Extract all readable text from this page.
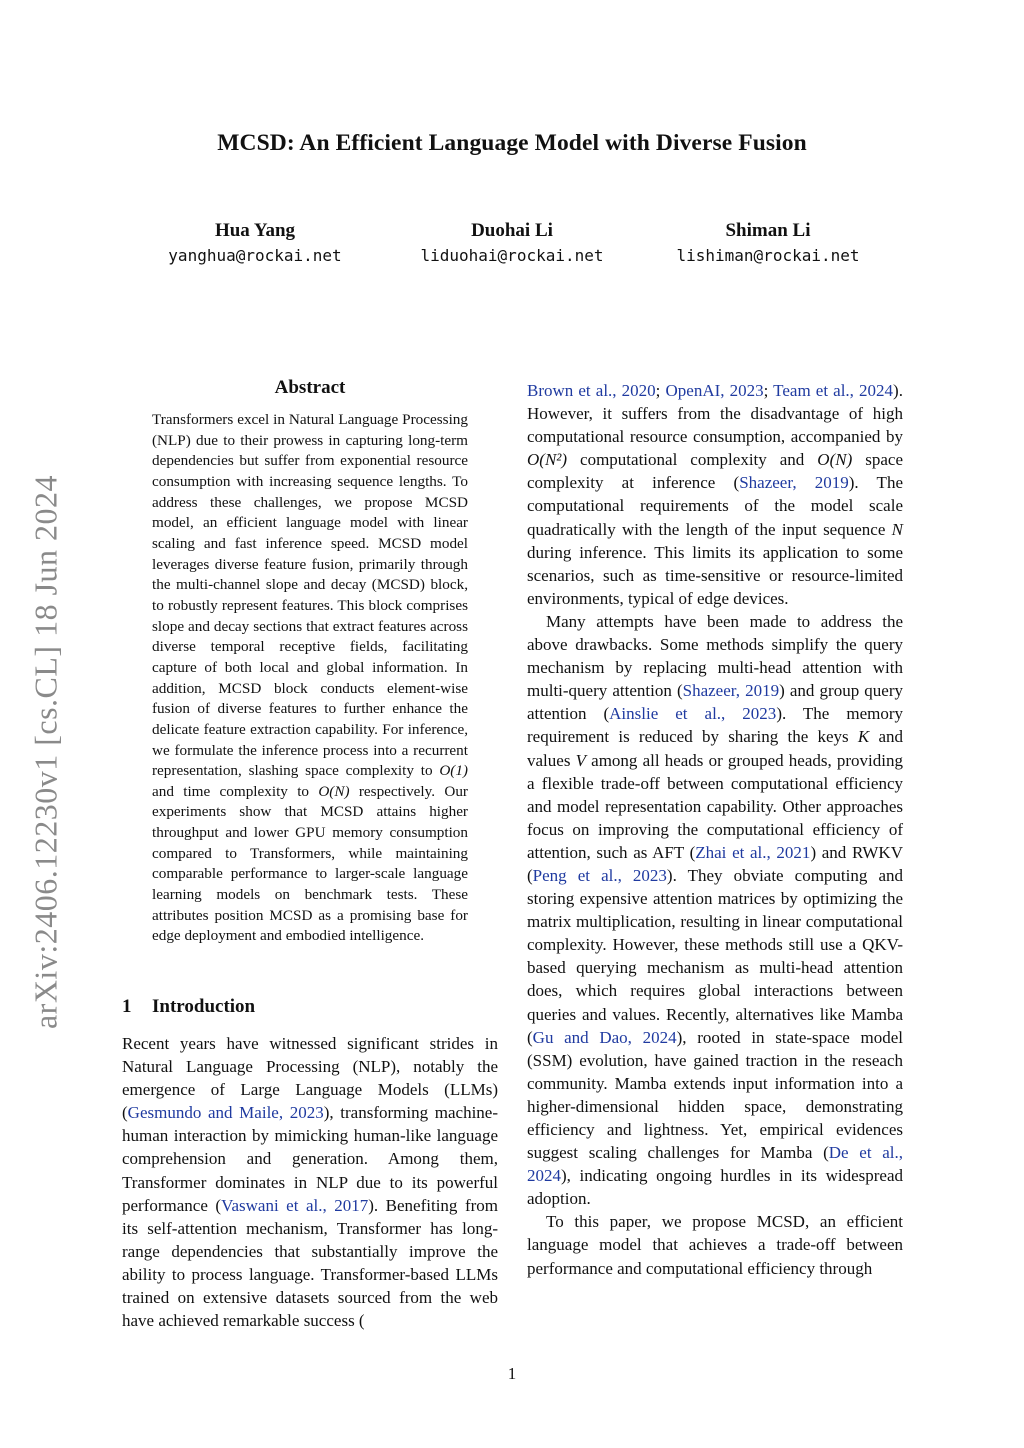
MCSD: An Efficient Language Model with Diverse Fusion
Hua Yang
yanghua@rockai.net
Duohai Li
liduohai@rockai.net
Shiman Li
lishiman@rockai.net
arXiv:2406.12230v1 [cs.CL] 18 Jun 2024
Abstract
Transformers excel in Natural Language Processing (NLP) due to their prowess in capturing long-term dependencies but suffer from exponential resource consumption with increasing sequence lengths. To address these challenges, we propose MCSD model, an efficient language model with linear scaling and fast inference speed. MCSD model leverages diverse feature fusion, primarily through the multi-channel slope and decay (MCSD) block, to robustly represent features. This block comprises slope and decay sections that extract features across diverse temporal receptive fields, facilitating capture of both local and global information. In addition, MCSD block conducts element-wise fusion of diverse features to further enhance the delicate feature extraction capability. For inference, we formulate the inference process into a recurrent representation, slashing space complexity to O(1) and time complexity to O(N) respectively. Our experiments show that MCSD attains higher throughput and lower GPU memory consumption compared to Transformers, while maintaining comparable performance to larger-scale language learning models on benchmark tests. These attributes position MCSD as a promising base for edge deployment and embodied intelligence.
1 Introduction
Recent years have witnessed significant strides in Natural Language Processing (NLP), notably the emergence of Large Language Models (LLMs) (Gesmundo and Maile, 2023), transforming machine-human interaction by mimicking human-like language comprehension and generation. Among them, Transformer dominates in NLP due to its powerful performance (Vaswani et al., 2017). Benefiting from its self-attention mechanism, Transformer has long-range dependencies that substantially improve the ability to process language. Transformer-based LLMs trained on extensive datasets sourced from the web have achieved remarkable success (

Brown et al., 2020; OpenAI, 2023; Team et al., 2024). However, it suffers from the disadvantage of high computational resource consumption, accompanied by O(N²) computational complexity and O(N) space complexity at inference (Shazeer, 2019). The computational requirements of the model scale quadratically with the length of the input sequence N during inference. This limits its application to some scenarios, such as time-sensitive or resource-limited environments, typical of edge devices.

Many attempts have been made to address the above drawbacks. Some methods simplify the query mechanism by replacing multi-head attention with multi-query attention (Shazeer, 2019) and group query attention (Ainslie et al., 2023). The memory requirement is reduced by sharing the keys K and values V among all heads or grouped heads, providing a flexible trade-off between computational efficiency and model representation capability. Other approaches focus on improving the computational efficiency of attention, such as AFT (Zhai et al., 2021) and RWKV (Peng et al., 2023). They obviate computing and storing expensive attention matrices by optimizing the matrix multiplication, resulting in linear computational complexity. However, these methods still use a QKV-based querying mechanism as multi-head attention does, which requires global interactions between queries and values. Recently, alternatives like Mamba (Gu and Dao, 2024), rooted in state-space model (SSM) evolution, have gained traction in the reseach community. Mamba extends input information into a higher-dimensional hidden space, demonstrating efficiency and lightness. Yet, empirical evidences suggest scaling challenges for Mamba (De et al., 2024), indicating ongoing hurdles in its widespread adoption.

To this paper, we propose MCSD, an efficient language model that achieves a trade-off between performance and computational efficiency through

1
